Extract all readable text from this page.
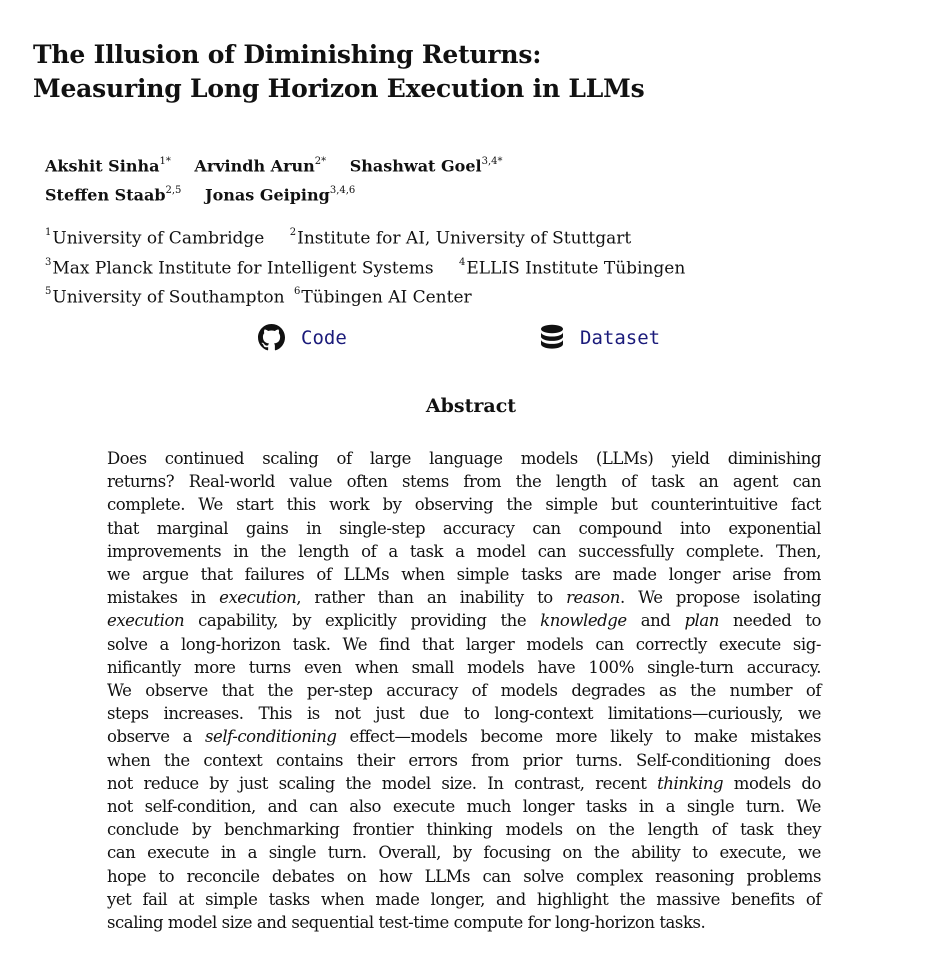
The Illusion of Diminishing Returns:
Measuring Long Horizon Execution in LLMs
Akshit Sinha$^{1*}$ Arvindh Arun$^{2*}$ Shashwat Goel$^{3,4*}$
Steffen Staab$^{2,5}$ Jonas Geiping$^{3,4,6}$
$^1$University of Cambridge	$^2$Institute for AI, University of Stuttgart
$^3$Max Planck Institute for Intelligent Systems	$^4$ELLIS Institute Tübingen
$^5$University of Southampton $^6$Tübingen AI Center
Code	Dataset
Abstract
Does continued scaling of large language models (LLMs) yield diminishing
returns? Real-world value often stems from the length of task an agent can
complete. We start this work by observing the simple but counterintuitive fact
that marginal gains in single-step accuracy can compound into exponential
improvements in the length of a task a model can successfully complete. Then,
we argue that failures of LLMs when simple tasks are made longer arise from
mistakes in execution, rather than an inability to reason. We propose isolating
execution capability, by explicitly providing the knowledge and plan needed to
solve a long-horizon task. We find that larger models can correctly execute sig-
nificantly more turns even when small models have 100% single-turn accuracy.
We observe that the per-step accuracy of models degrades as the number of
steps increases. This is not just due to long-context limitations—curiously, we
observe a self-conditioning effect—models become more likely to make mistakes
when the context contains their errors from prior turns. Self-conditioning does
not reduce by just scaling the model size. In contrast, recent thinking models do
not self-condition, and can also execute much longer tasks in a single turn. We
conclude by benchmarking frontier thinking models on the length of task they
can execute in a single turn. Overall, by focusing on the ability to execute, we
hope to reconcile debates on how LLMs can solve complex reasoning problems
yet fail at simple tasks when made longer, and highlight the massive benefits of
scaling model size and sequential test-time compute for long-horizon tasks.
